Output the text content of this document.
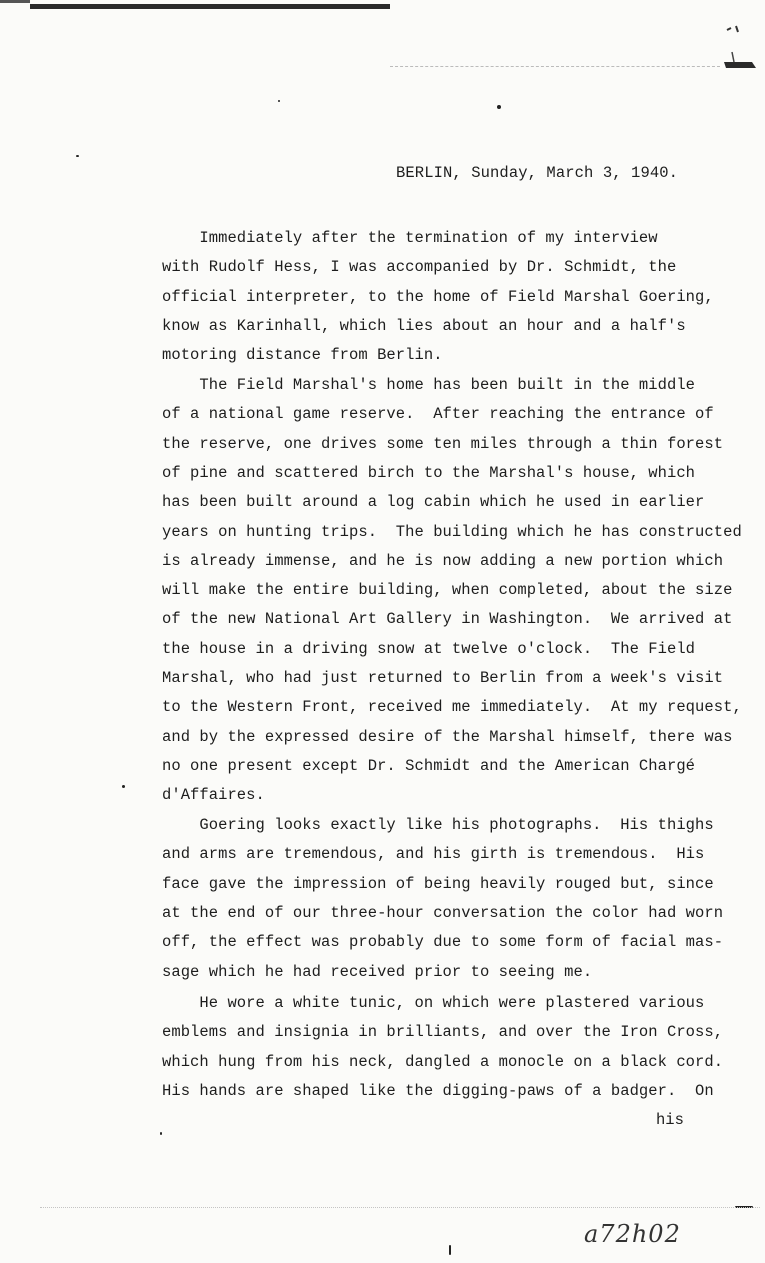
BERLIN, Sunday, March 3, 1940.
Immediately after the termination of my interview
with Rudolf Hess, I was accompanied by Dr. Schmidt, the
official interpreter, to the home of Field Marshal Goering,
know as Karinhall, which lies about an hour and a half's
motoring distance from Berlin.
The Field Marshal's home has been built in the middle
of a national game reserve.  After reaching the entrance of
the reserve, one drives some ten miles through a thin forest
of pine and scattered birch to the Marshal's house, which
has been built around a log cabin which he used in earlier
years on hunting trips.  The building which he has constructed
is already immense, and he is now adding a new portion which
will make the entire building, when completed, about the size
of the new National Art Gallery in Washington.  We arrived at
the house in a driving snow at twelve o'clock.  The Field
Marshal, who had just returned to Berlin from a week's visit
to the Western Front, received me immediately.  At my request,
and by the expressed desire of the Marshal himself, there was
no one present except Dr. Schmidt and the American Chargé
d'Affaires.
Goering looks exactly like his photographs.  His thighs
and arms are tremendous, and his girth is tremendous.  His
face gave the impression of being heavily rouged but, since
at the end of our three-hour conversation the color had worn
off, the effect was probably due to some form of facial mas-
sage which he had received prior to seeing me.
He wore a white tunic, on which were plastered various
emblems and insignia in brilliants, and over the Iron Cross,
which hung from his neck, dangled a monocle on a black cord.
His hands are shaped like the digging-paws of a badger.  On
his
a72h02
